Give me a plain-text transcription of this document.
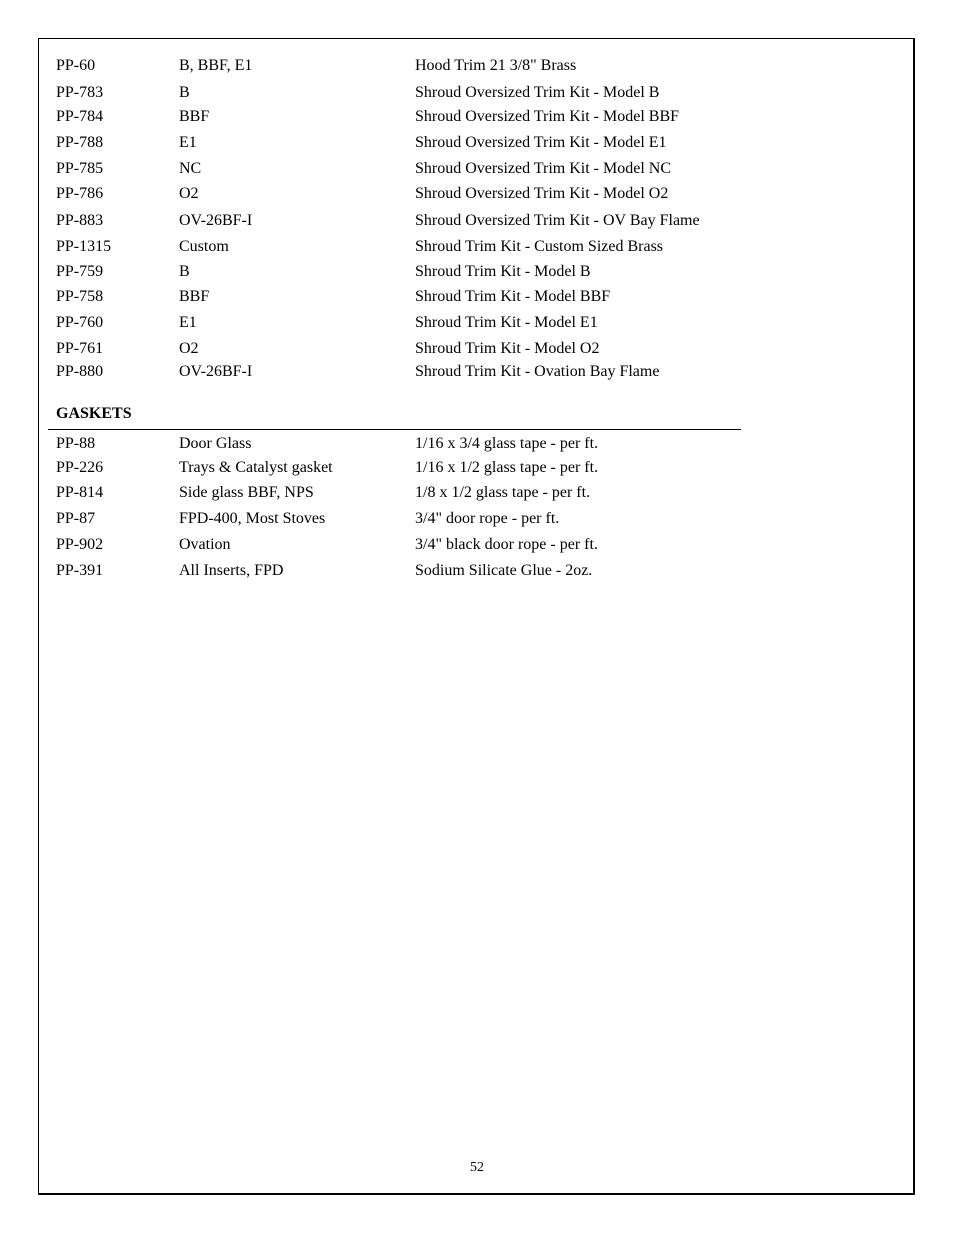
PP-60	B, BBF, E1	Hood Trim 21 3/8" Brass
PP-783	B	Shroud Oversized Trim Kit - Model B
PP-784	BBF	Shroud Oversized Trim Kit - Model BBF
PP-788	E1	Shroud Oversized Trim Kit - Model E1
PP-785	NC	Shroud Oversized Trim Kit - Model NC
PP-786	O2	Shroud Oversized Trim Kit - Model O2
PP-883	OV-26BF-I	Shroud Oversized Trim Kit - OV Bay Flame
PP-1315	Custom	Shroud Trim Kit - Custom Sized Brass
PP-759	B	Shroud Trim Kit - Model B
PP-758	BBF	Shroud Trim Kit - Model BBF
PP-760	E1	Shroud Trim Kit - Model E1
PP-761	O2	Shroud Trim Kit - Model O2
PP-880	OV-26BF-I	Shroud Trim Kit - Ovation Bay Flame
GASKETS
PP-88	Door Glass	1/16 x 3/4 glass tape - per ft.
PP-226	Trays & Catalyst gasket	1/16 x 1/2 glass tape - per ft.
PP-814	Side glass BBF, NPS	1/8 x 1/2 glass tape - per ft.
PP-87	FPD-400, Most Stoves	3/4" door rope - per ft.
PP-902	Ovation	3/4" black door rope - per ft.
PP-391	All Inserts, FPD	Sodium Silicate Glue - 2oz.
52
